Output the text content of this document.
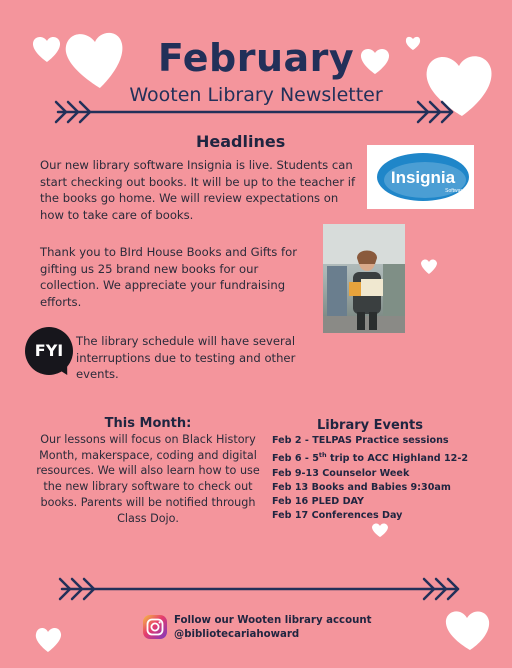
February
Wooten Library Newsletter
Headlines
Our new library software Insignia is live. Students can start checking out books. It will be up to the teacher if the books go home. We will review expectations on how to take care of books.
Insignia
Software
Thank you to BIrd House Books and Gifts for gifting us 25 brand new books for our collection. We appreciate your fundraising efforts.
FYI	The library schedule will have several interruptions due to testing and other events.
This Month:
Our lessons will focus on Black History Month, makerspace, coding and digital resources. We will also learn how to use the new library software to check out books. Parents will be notified through Class Dojo.
Library Events
Feb 2 - TELPAS Practice sessions
Feb 6 - 5th trip to ACC Highland 12-2
Feb 9-13 Counselor Week
Feb 13 Books and Babies 9:30am
Feb 16 PLED DAY
Feb 17 Conferences Day
Follow our Wooten library account
@bibliotecariahoward
